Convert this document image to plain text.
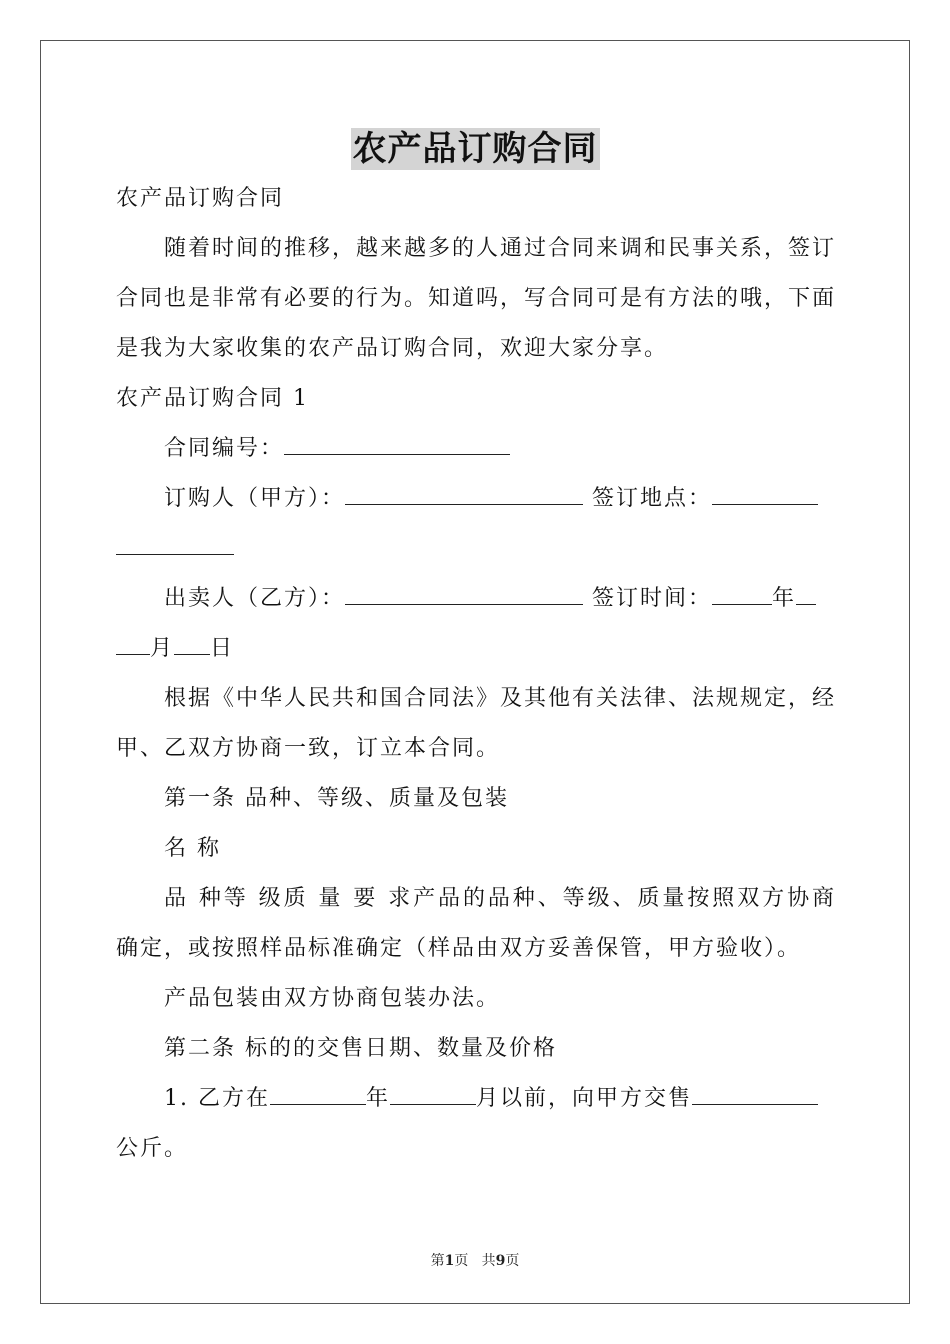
农产品订购合同
农产品订购合同
随着时间的推移，越来越多的人通过合同来调和民事关系，签订
合同也是非常有必要的行为。知道吗，写合同可是有方法的哦，下面
是我为大家收集的农产品订购合同，欢迎大家分享。
农产品订购合同 1
合同编号：
订购人（甲方）：	签订地点：
出卖人（乙方）：	签订时间：	年
月 日
根据《中华人民共和国合同法》及其他有关法律、法规规定，经
甲、乙双方协商一致，订立本合同。
第一条 品种、等级、质量及包装
名 称
品 种等 级质 量 要 求产品的品种、等级、质量按照双方协商
确定，或按照样品标准确定（样品由双方妥善保管，甲方验收）。
产品包装由双方协商包装办法。
第二条 标的的交售日期、数量及价格
1. 乙方在	年	月以前，向甲方交售
公斤。
第1页 共9页
